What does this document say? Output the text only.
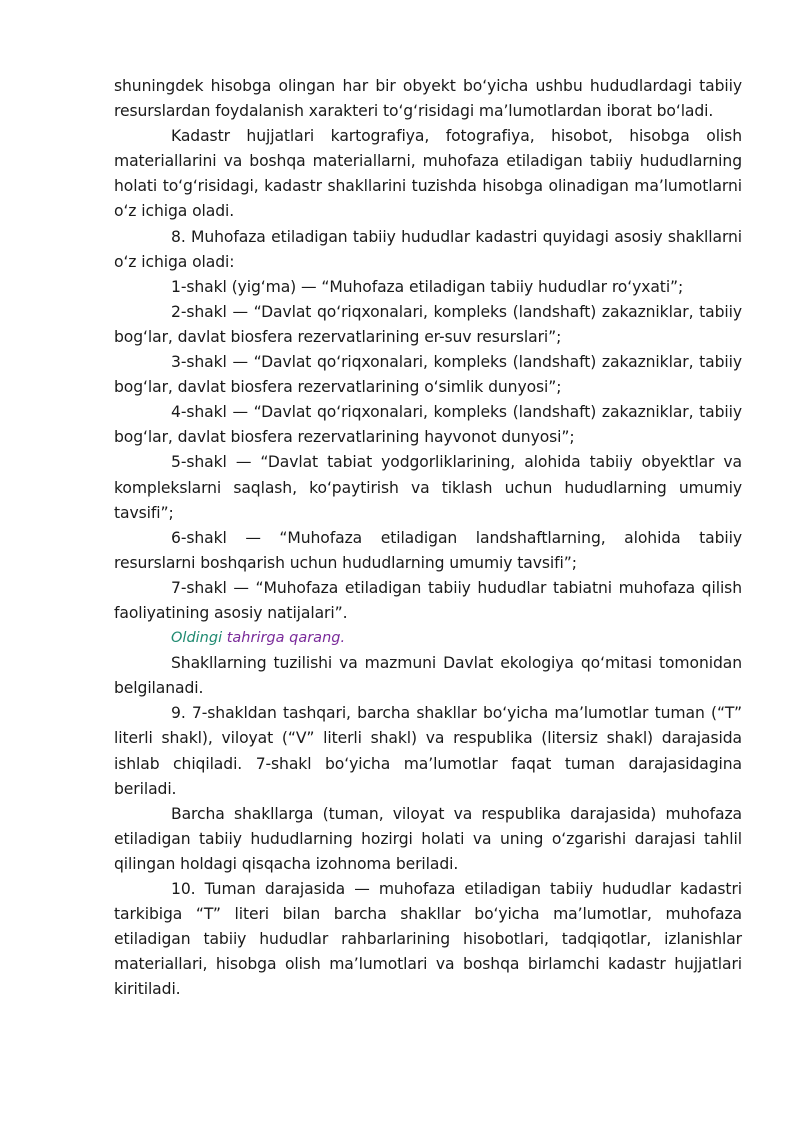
shuningdek hisobga olingan har bir obyekt bo‘yicha ushbu hududlardagi tabiiy resurslardan foydalanish xarakteri to‘g‘risidagi ma’lumotlardan iborat bo‘ladi.

Kadastr hujjatlari kartografiya, fotografiya, hisobot, hisobga olish materiallarini va boshqa materiallarni, muhofaza etiladigan tabiiy hududlarning holati to‘g‘risidagi, kadastr shakllarini tuzishda hisobga olinadigan ma’lumotlarni o‘z ichiga oladi.

8. Muhofaza etiladigan tabiiy hududlar kadastri quyidagi asosiy shakllarni o‘z ichiga oladi:

1-shakl (yig‘ma) — “Muhofaza etiladigan tabiiy hududlar ro‘yxati”;

2-shakl — “Davlat qo‘riqxonalari, kompleks (landshaft) zakazniklar, tabiiy bog‘lar, davlat biosfera rezervatlarining er-suv resurslari”;

3-shakl — “Davlat qo‘riqxonalari, kompleks (landshaft) zakazniklar, tabiiy bog‘lar, davlat biosfera rezervatlarining o‘simlik dunyosi”;

4-shakl — “Davlat qo‘riqxonalari, kompleks (landshaft) zakazniklar, tabiiy bog‘lar, davlat biosfera rezervatlarining hayvonot dunyosi”;

5-shakl — “Davlat tabiat yodgorliklarining, alohida tabiiy obyektlar va komplekslarni saqlash, ko‘paytirish va tiklash uchun hududlarning umumiy tavsifi”;

6-shakl — “Muhofaza etiladigan landshaftlarning, alohida tabiiy resurslarni boshqarish uchun hududlarning umumiy tavsifi”;

7-shakl — “Muhofaza etiladigan tabiiy hududlar tabiatni muhofaza qilish faoliyatining asosiy natijalari”.

Oldingi tahrirga qarang.

Shakllarning tuzilishi va mazmuni Davlat ekologiya qo‘mitasi tomonidan belgilanadi.

9. 7-shakldan tashqari, barcha shakllar bo‘yicha ma’lumotlar tuman (“T” literli shakl), viloyat (“V” literli shakl) va respublika (litersiz shakl) darajasida ishlab chiqiladi. 7-shakl bo‘yicha ma’lumotlar faqat tuman darajasidagina beriladi.

Barcha shakllarga (tuman, viloyat va respublika darajasida) muhofaza etiladigan tabiiy hududlarning hozirgi holati va uning o‘zgarishi darajasi tahlil qilingan holdagi qisqacha izohnoma beriladi.

10. Tuman darajasida — muhofaza etiladigan tabiiy hududlar kadastri tarkibiga “T” literi bilan barcha shakllar bo‘yicha ma’lumotlar, muhofaza etiladigan tabiiy hududlar rahbarlarining hisobotlari, tadqiqotlar, izlanishlar materiallari, hisobga olish ma’lumotlari va boshqa birlamchi kadastr hujjatlari kiritiladi.
